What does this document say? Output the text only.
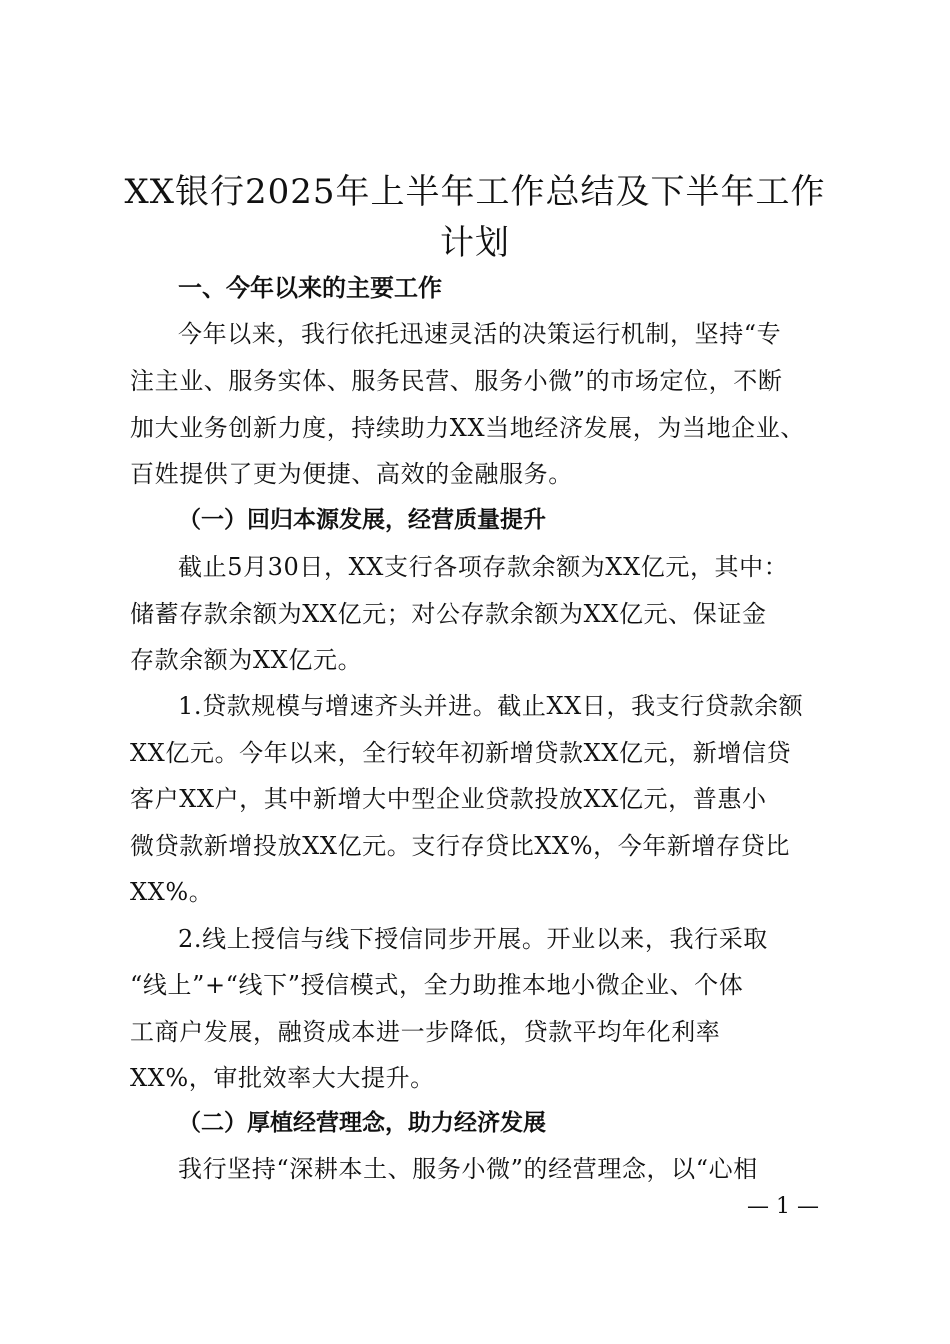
XX银行2025年上半年工作总结及下半年工作
计划
一、今年以来的主要工作

今年以来，我行依托迅速灵活的决策运行机制，坚持“专

注主业、服务实体、服务民营、服务小微”的市场定位，不断

加大业务创新力度，持续助力XX当地经济发展，为当地企业、

百姓提供了更为便捷、高效的金融服务。

（一）回归本源发展，经营质量提升

截止5月30日，XX支行各项存款余额为XX亿元，其中：

储蓄存款余额为XX亿元；对公存款余额为XX亿元、保证金

存款余额为XX亿元。

1.贷款规模与增速齐头并进。截止XX日，我支行贷款余额

XX亿元。今年以来，全行较年初新增贷款XX亿元，新增信贷

客户XX户，其中新增大中型企业贷款投放XX亿元，普惠小

微贷款新增投放XX亿元。支行存贷比XX%，今年新增存贷比

XX%。

2.线上授信与线下授信同步开展。开业以来，我行采取

“线上”+“线下”授信模式，全力助推本地小微企业、个体

工商户发展，融资成本进一步降低，贷款平均年化利率

XX%，审批效率大大提升。

（二）厚植经营理念，助力经济发展

我行坚持“深耕本土、服务小微”的经营理念，以“心相

— 1 —
